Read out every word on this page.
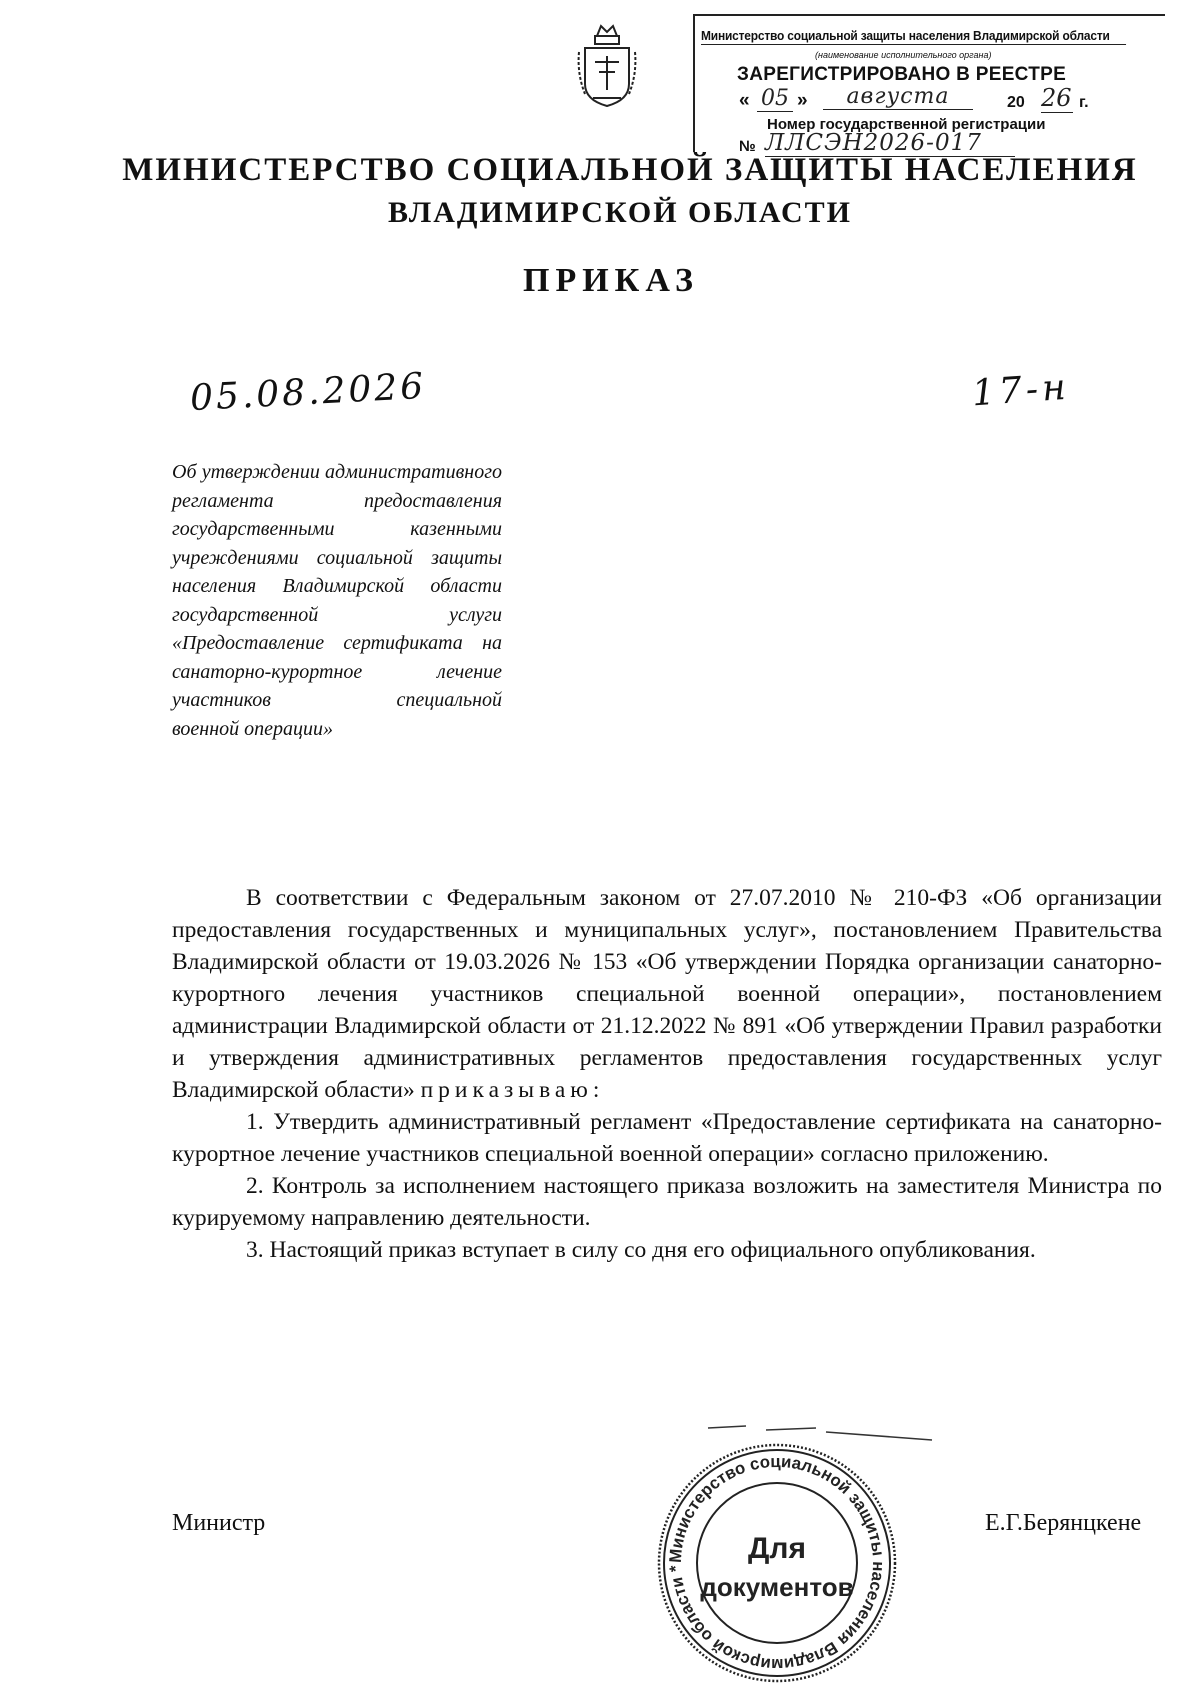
Министерство социальной защиты населения Владимирской области
(наименование исполнительного органа)
ЗАРЕГИСТРИРОВАНО В РЕЕСТРЕ
« 05 »	августа	20 26 г.
Номер государственной регистрации
№ ЛЛСЭН2026-017
МИНИСТЕРСТВО СОЦИАЛЬНОЙ ЗАЩИТЫ НАСЕЛЕНИЯ
ВЛАДИМИРСКОЙ ОБЛАСТИ
ПРИКАЗ
05.08.2026	17-н
Об утверждении административного регламента предоставления государственными казенными учреждениями социальной защиты населения Владимирской области государственной услуги «Предоставление сертификата на санаторно-курортное лечение участников специальной
военной операции»

В соответствии с Федеральным законом от 27.07.2010 № 210-ФЗ «Об организации предоставления государственных и муниципальных услуг», постановлением Правительства Владимирской области от 19.03.2026 № 153 «Об утверждении Порядка организации санаторно-курортного лечения участников специальной военной операции», постановлением администрации Владимирской области от 21.12.2022 № 891 «Об утверждении Правил разработки и утверждения административных регламентов предоставления государственных услуг Владимирской области» приказываю:

1. Утвердить административный регламент «Предоставление сертификата на санаторно-курортное лечение участников специальной военной операции» согласно приложению.

2. Контроль за исполнением настоящего приказа возложить на заместителя Министра по курируемому направлению деятельности.

3. Настоящий приказ вступает в силу со дня его официального опубликования.

Министр	Е.Г.Берянцкене
Министерство социальной защиты населения Владимирской области *
Для
документов
